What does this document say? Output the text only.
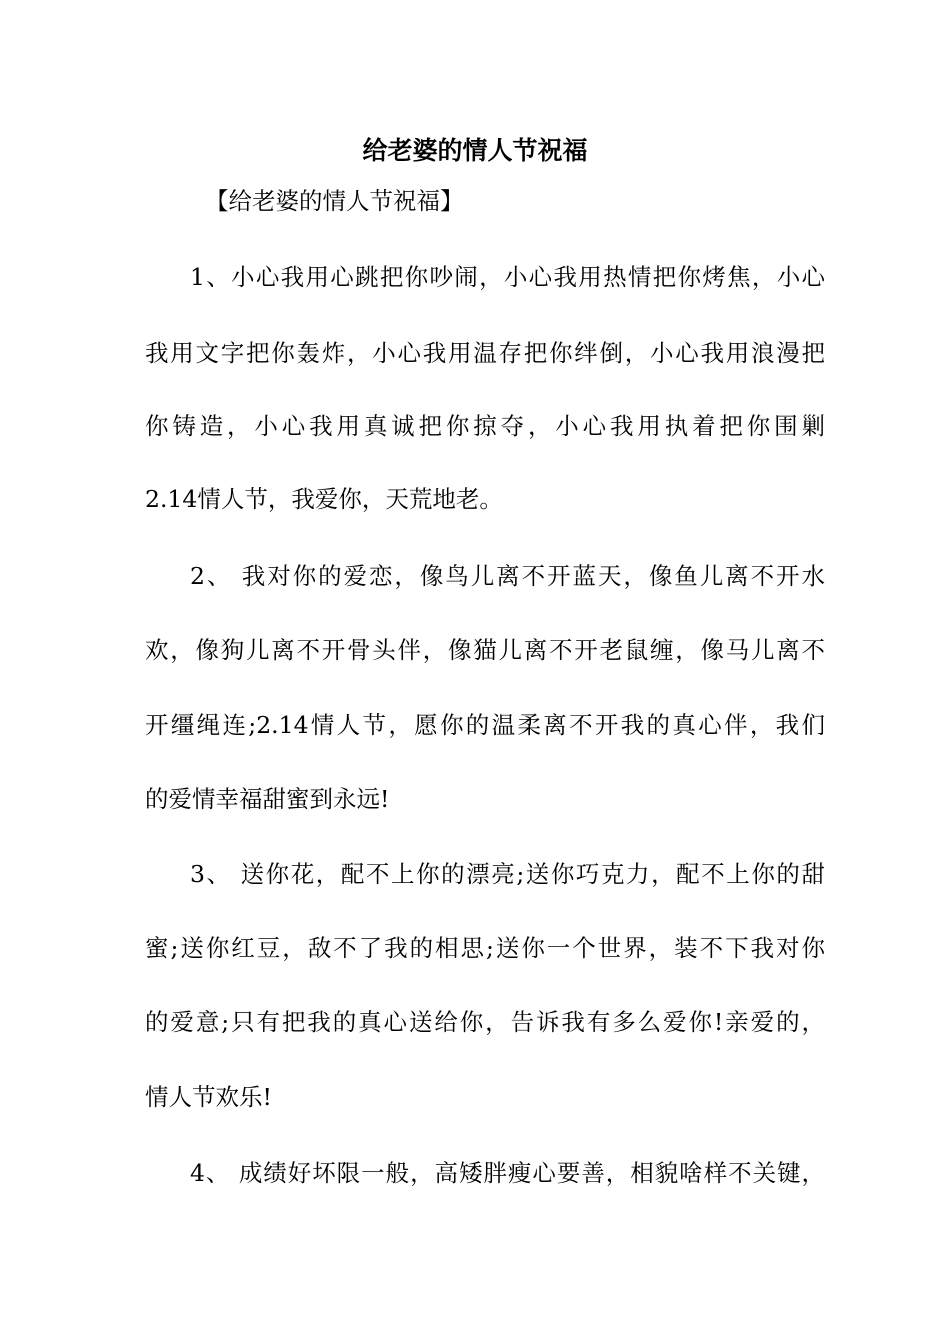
给老婆的情人节祝福
【给老婆的情人节祝福】
1、小心我用心跳把你吵闹，小心我用热情把你烤焦，小心
我用文字把你轰炸，小心我用温存把你绊倒，小心我用浪漫把
你铸造，小心我用真诚把你掠夺，小心我用执着把你围剿
2.14情人节，我爱你，天荒地老。
2、 我对你的爱恋，像鸟儿离不开蓝天，像鱼儿离不开水
欢，像狗儿离不开骨头伴，像猫儿离不开老鼠缠，像马儿离不
开缰绳连;2.14情人节，愿你的温柔离不开我的真心伴，我们
的爱情幸福甜蜜到永远!
3、 送你花，配不上你的漂亮;送你巧克力，配不上你的甜
蜜;送你红豆，敌不了我的相思;送你一个世界，装不下我对你
的爱意;只有把我的真心送给你，告诉我有多么爱你!亲爱的，
情人节欢乐!
4、 成绩好坏限一般，高矮胖瘦心要善，相貌啥样不关键，
